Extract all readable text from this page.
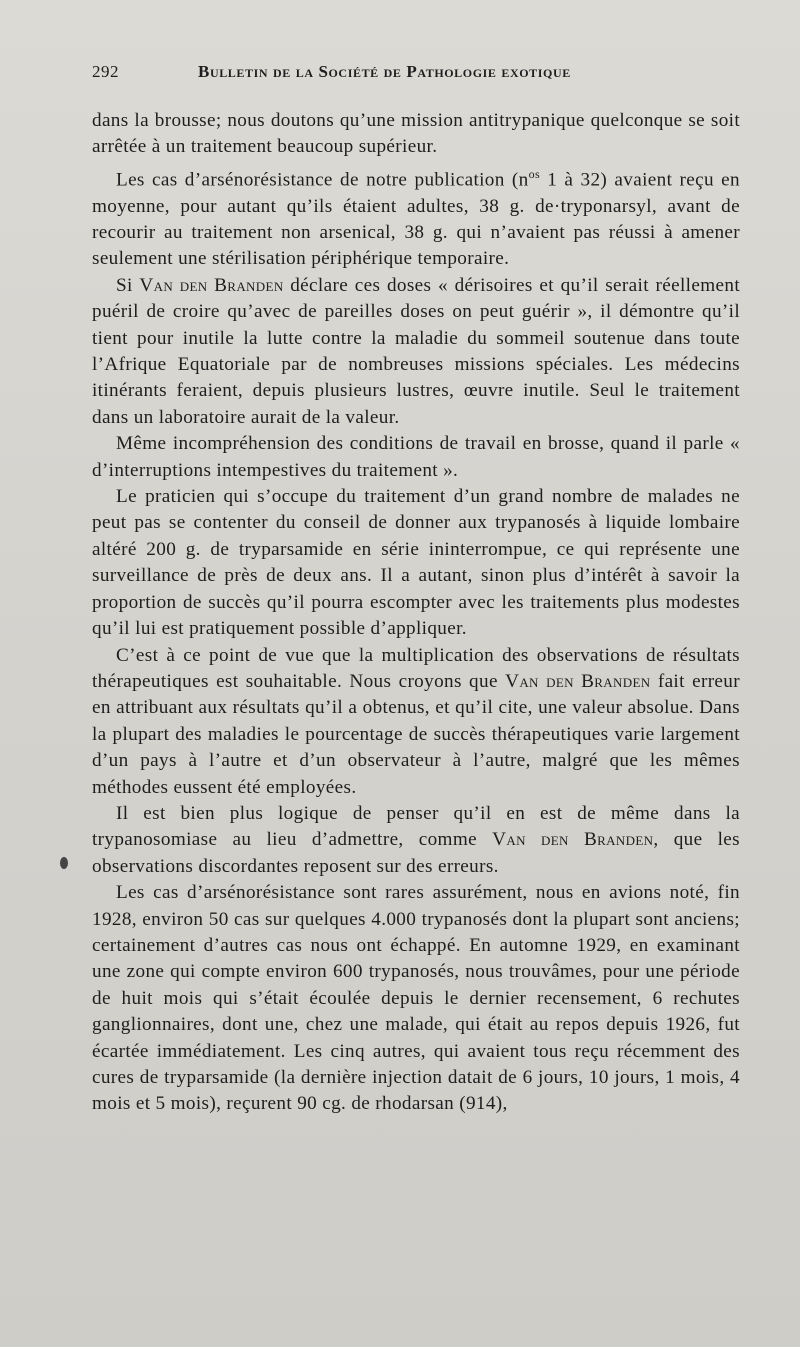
292	Bulletin de la Société de Pathologie exotique

dans la brousse; nous doutons qu’une mission antitrypanique quelconque se soit arrêtée à un traitement beaucoup supérieur.

Les cas d’arsénorésistance de notre publication ($n^{os}$ 1 à 32) avaient reçu en moyenne, pour autant qu’ils étaient adultes, 38 g. de·tryponarsyl, avant de recourir au traitement non arsenical, 38 g. qui n’avaient pas réussi à amener seulement une stérilisation périphérique temporaire.

Si Van den Branden déclare ces doses « dérisoires et qu’il serait réellement puéril de croire qu’avec de pareilles doses on peut guérir », il démontre qu’il tient pour inutile la lutte contre la maladie du sommeil soutenue dans toute l’Afrique Equatoriale par de nombreuses missions spéciales. Les médecins itinérants feraient, depuis plusieurs lustres, œuvre inutile. Seul le traitement dans un laboratoire aurait de la valeur.

Même incompréhension des conditions de travail en brosse, quand il parle « d’interruptions intempestives du traitement ».

Le praticien qui s’occupe du traitement d’un grand nombre de malades ne peut pas se contenter du conseil de donner aux trypanosés à liquide lombaire altéré 200 g. de tryparsamide en série ininterrompue, ce qui représente une surveillance de près de deux ans. Il a autant, sinon plus d’intérêt à savoir la proportion de succès qu’il pourra escompter avec les traitements plus modestes qu’il lui est pratiquement possible d’appliquer.

C’est à ce point de vue que la multiplication des observations de résultats thérapeutiques est souhaitable. Nous croyons que Van den Branden fait erreur en attribuant aux résultats qu’il a obtenus, et qu’il cite, une valeur absolue. Dans la plupart des maladies le pourcentage de succès thérapeutiques varie largement d’un pays à l’autre et d’un observateur à l’autre, malgré que les mêmes méthodes eussent été employées.

Il est bien plus logique de penser qu’il en est de même dans la trypanosomiase au lieu d’admettre, comme Van den Branden, que les observations discordantes reposent sur des erreurs.

Les cas d’arsénorésistance sont rares assurément, nous en avions noté, fin 1928, environ 50 cas sur quelques 4.000 trypanosés dont la plupart sont anciens; certainement d’autres cas nous ont échappé. En automne 1929, en examinant une zone qui compte environ 600 trypanosés, nous trouvâmes, pour une période de huit mois qui s’était écoulée depuis le dernier recensement, 6 rechutes ganglionnaires, dont une, chez une malade, qui était au repos depuis 1926, fut écartée immédiatement. Les cinq autres, qui avaient tous reçu récemment des cures de tryparsamide (la dernière injection datait de 6 jours, 10 jours, 1 mois, 4 mois et 5 mois), reçurent 90 cg. de rhodarsan (914),
